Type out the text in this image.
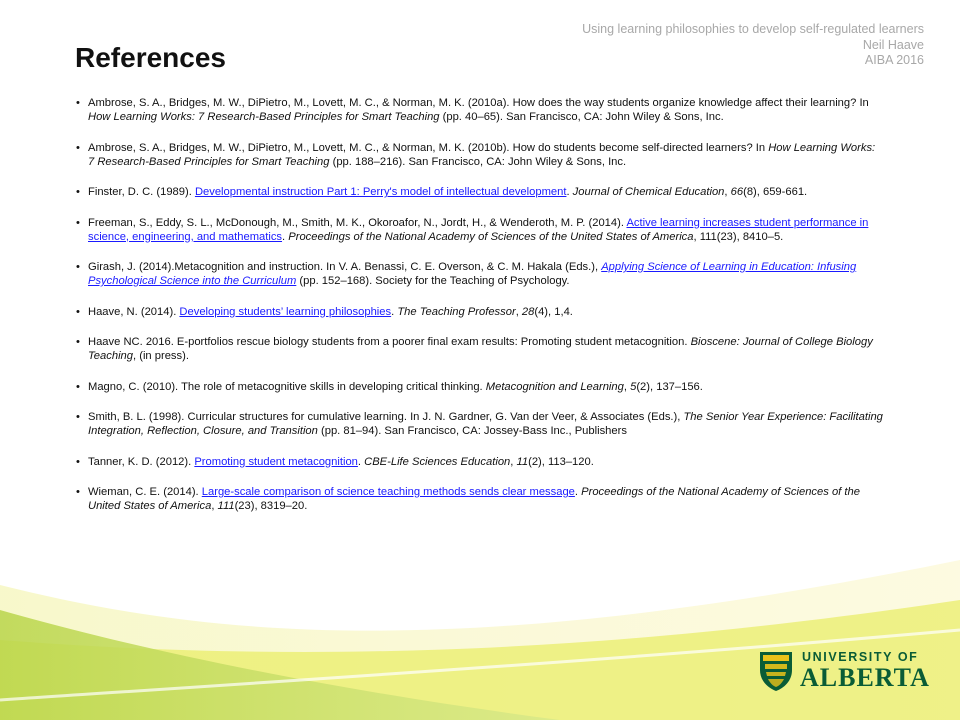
Using learning philosophies to develop self-regulated learners
Neil Haave
AIBA 2016
References
• Ambrose, S. A., Bridges, M. W., DiPietro, M., Lovett, M. C., & Norman, M. K. (2010a). How does the way students organize knowledge affect their learning? In How Learning Works: 7 Research-Based Principles for Smart Teaching (pp. 40–65). San Francisco, CA: John Wiley & Sons, Inc.
• Ambrose, S. A., Bridges, M. W., DiPietro, M., Lovett, M. C., & Norman, M. K. (2010b). How do students become self-directed learners? In How Learning Works: 7 Research-Based Principles for Smart Teaching (pp. 188–216). San Francisco, CA: John Wiley & Sons, Inc.
• Finster, D. C. (1989). Developmental instruction Part 1: Perry's model of intellectual development. Journal of Chemical Education, 66(8), 659-661.
• Freeman, S., Eddy, S. L., McDonough, M., Smith, M. K., Okoroafor, N., Jordt, H., & Wenderoth, M. P. (2014). Active learning increases student performance in science, engineering, and mathematics. Proceedings of the National Academy of Sciences of the United States of America, 111(23), 8410–5.
• Girash, J. (2014).Metacognition and instruction. In V. A. Benassi, C. E. Overson, & C. M. Hakala (Eds.), Applying Science of Learning in Education: Infusing Psychological Science into the Curriculum (pp. 152–168). Society for the Teaching of Psychology.
• Haave, N. (2014). Developing students’ learning philosophies. The Teaching Professor, 28(4), 1,4.
• Haave NC. 2016. E-portfolios rescue biology students from a poorer final exam results: Promoting student metacognition. Bioscene: Journal of College Biology Teaching, (in press).
• Magno, C. (2010). The role of metacognitive skills in developing critical thinking. Metacognition and Learning, 5(2), 137–156.
• Smith, B. L. (1998). Curricular structures for cumulative learning. In J. N. Gardner, G. Van der Veer, & Associates (Eds.), The Senior Year Experience: Facilitating Integration, Reflection, Closure, and Transition (pp. 81–94). San Francisco, CA: Jossey-Bass Inc., Publishers
• Tanner, K. D. (2012). Promoting student metacognition. CBE-Life Sciences Education, 11(2), 113–120.
• Wieman, C. E. (2014). Large-scale comparison of science teaching methods sends clear message. Proceedings of the National Academy of Sciences of the United States of America, 111(23), 8319–20.
UNIVERSITY OF
ALBERTA
